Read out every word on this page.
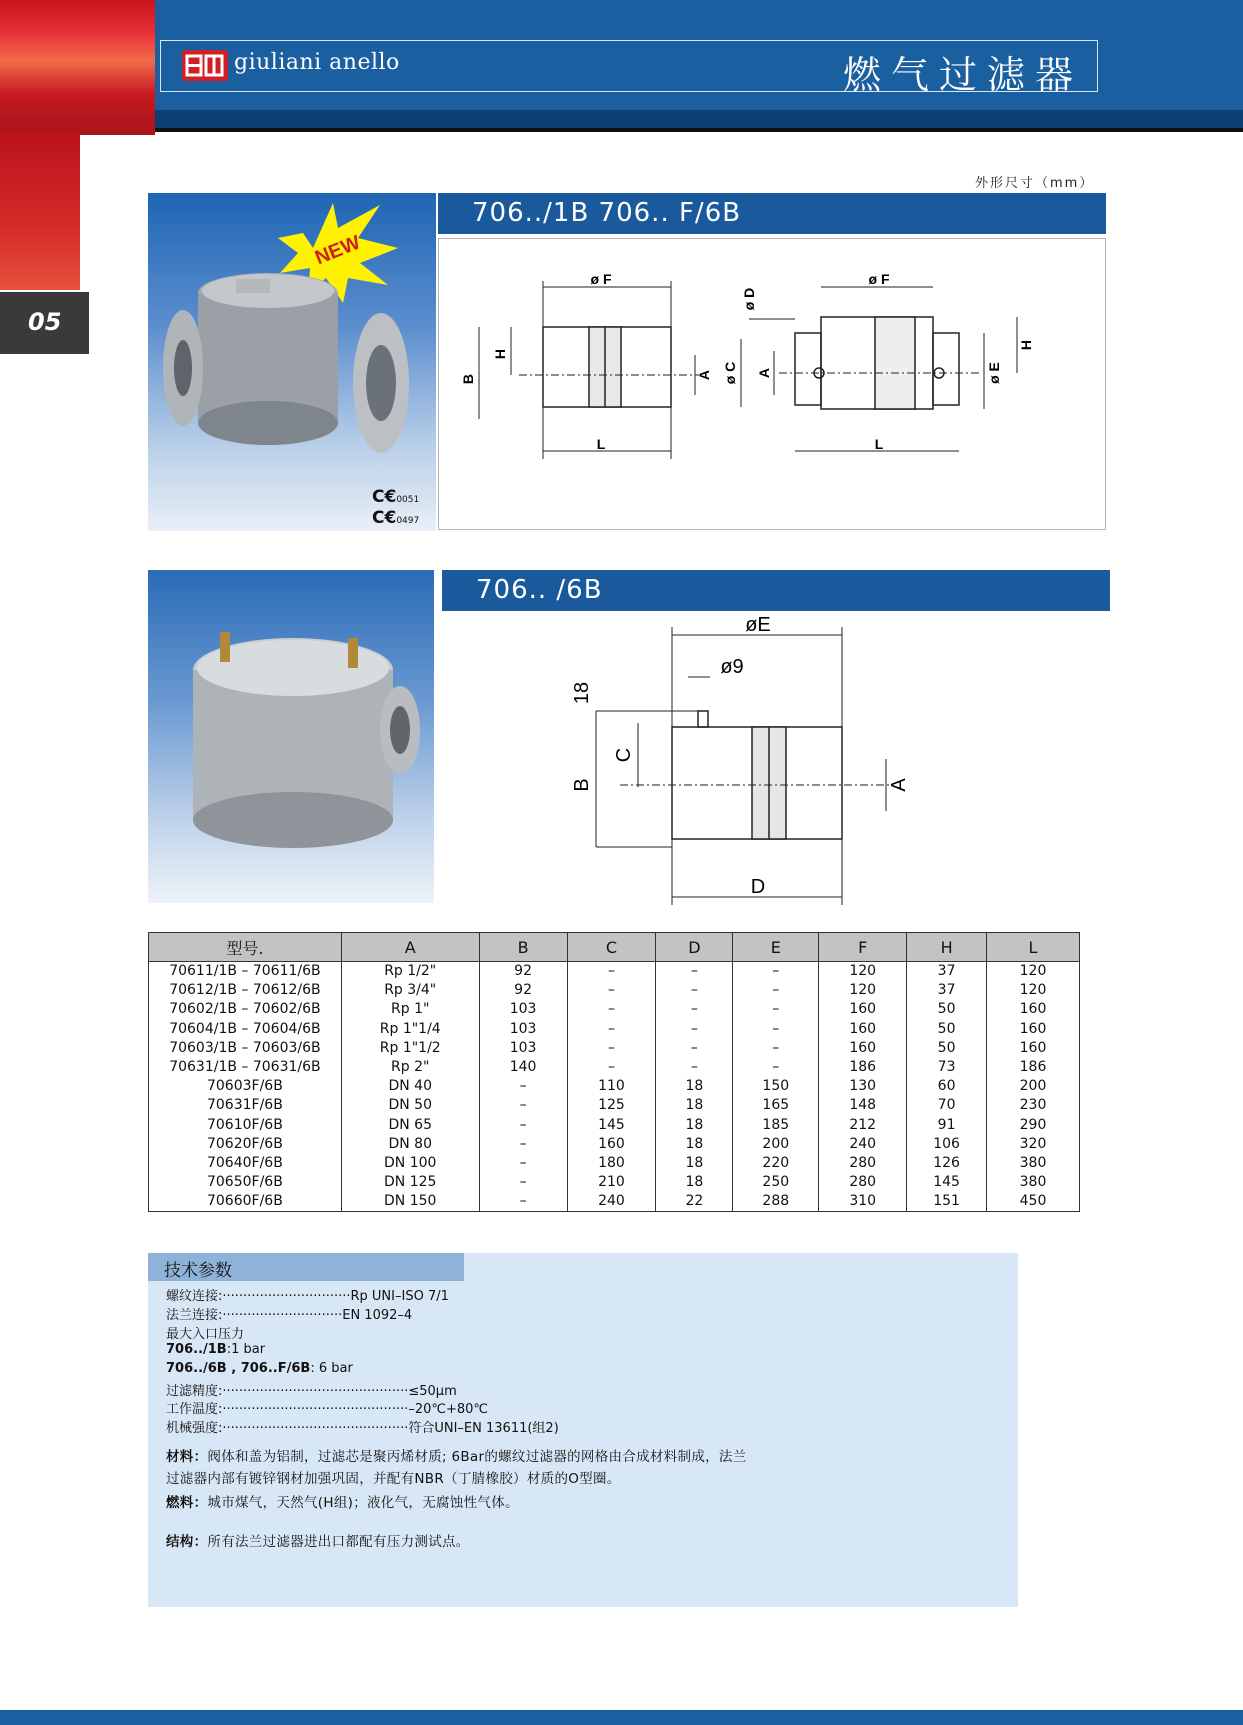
giuliani anello	燃气过滤器
05
外形尺寸（mm）
NEW
C€0051
C€0497
706../1B 706.. F/6B
ø F
L
B
H
A
ø F
L
ø D
ø C A	ø E
H
706.. /6B
øE
ø9
D
18
B
C
A
型号.	A	B	C	D	E	F	H	L
70611/1B – 70611/6B	Rp 1/2"	92	–	–	–	120	37	120
70612/1B – 70612/6B	Rp 3/4"	92	–	–	–	120	37	120
70602/1B – 70602/6B	Rp 1"	103	–	–	–	160	50	160
70604/1B – 70604/6B	Rp 1"1/4	103	–	–	–	160	50	160
70603/1B – 70603/6B	Rp 1"1/2	103	–	–	–	160	50	160
70631/1B – 70631/6B	Rp 2"	140	–	–	–	186	73	186
70603F/6B	DN 40	–	110	18	150	130	60	200
70631F/6B	DN 50	–	125	18	165	148	70	230
70610F/6B	DN 65	–	145	18	185	212	91	290
70620F/6B	DN 80	–	160	18	200	240	106	320
70640F/6B	DN 100	–	180	18	220	280	126	380
70650F/6B	DN 125	–	210	18	250	280	145	380
70660F/6B	DN 150	–	240	22	288	310	151	450
技术参数
螺纹连接:·······························Rp UNI–ISO 7/1
法兰连接:·····························EN 1092–4
最大入口压力
706../1B:1 bar
706../6B , 706..F/6B: 6 bar
过滤精度:·············································≤50μm
工作温度:·············································–20℃+80℃
机械强度:·············································符合UNI–EN 13611(组2)
材料：阀体和盖为铝制，过滤芯是聚丙烯材质; 6Bar的螺纹过滤器的网格由合成材料制成，法兰
过滤器内部有镀锌钢材加强巩固，并配有NBR（丁腈橡胶）材质的O型圈。
燃料：城市煤气，天然气(H组)；液化气，无腐蚀性气体。
结构：所有法兰过滤器进出口都配有压力测试点。
